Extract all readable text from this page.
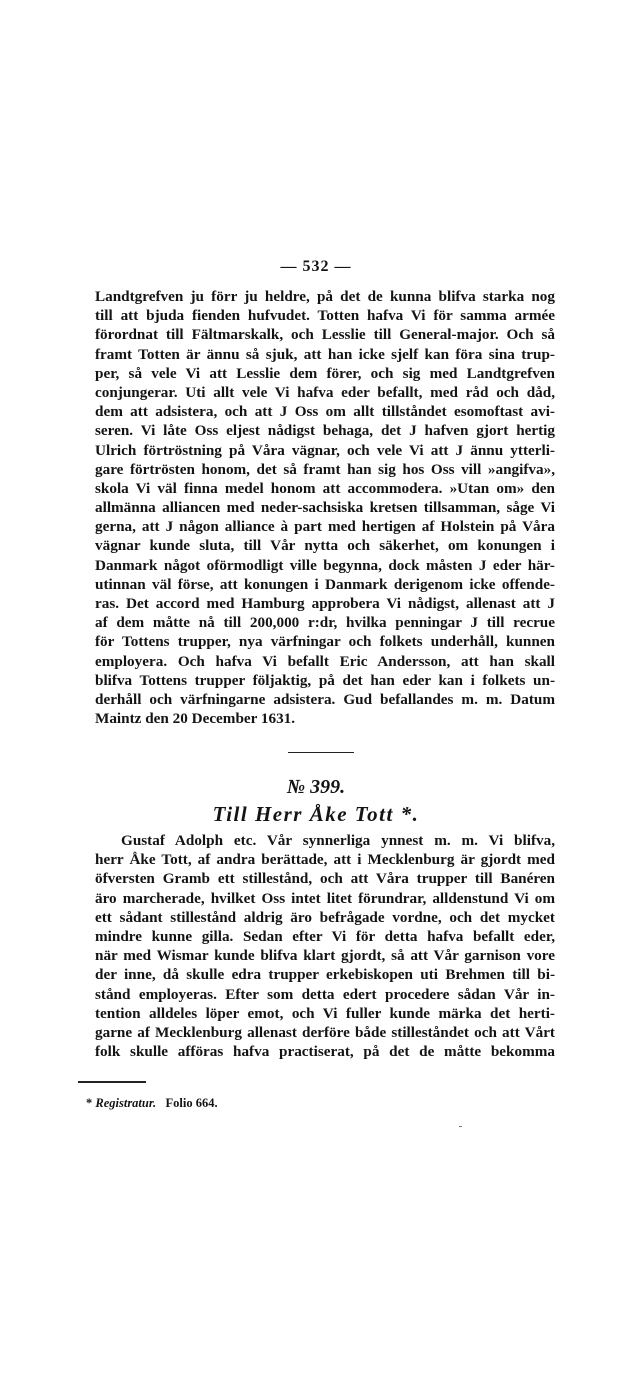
— 532 —
Landtgrefven ju förr ju heldre, på det de kunna blifva starka nog
till att bjuda fienden hufvudet. Totten hafva Vi för samma armée
förordnat till Fältmarskalk, och Lesslie till General-major. Och så
framt Totten är ännu så sjuk, att han icke sjelf kan föra sina trup-
per, så vele Vi att Lesslie dem förer, och sig med Landtgrefven
conjungerar. Uti allt vele Vi hafva eder befallt, med råd och dåd,
dem att adsistera, och att J Oss om allt tillståndet esomoftast avi-
seren. Vi låte Oss eljest nådigst behaga, det J hafven gjort hertig
Ulrich förtröstning på Våra vägnar, och vele Vi att J ännu ytterli-
gare förtrösten honom, det så framt han sig hos Oss vill »angifva»,
skola Vi väl finna medel honom att accommodera. »Utan om» den
allmänna alliancen med neder-sachsiska kretsen tillsamman, såge Vi
gerna, att J någon alliance à part med hertigen af Holstein på Våra
vägnar kunde sluta, till Vår nytta och säkerhet, om konungen i
Danmark något oförmodligt ville begynna, dock måsten J eder här-
utinnan väl förse, att konungen i Danmark derigenom icke offende-
ras. Det accord med Hamburg approbera Vi nådigst, allenast att J
af dem måtte nå till 200,000 r:dr, hvilka penningar J till recrue
för Tottens trupper, nya värfningar och folkets underhåll, kunnen
employera. Och hafva Vi befallt Eric Andersson, att han skall
blifva Tottens trupper följaktig, på det han eder kan i folkets un-
derhåll och värfningarne adsistera. Gud befallandes m. m. Datum
Maintz den 20 December 1631.
№ 399.
Till Herr Åke Tott *.
Gustaf Adolph etc. Vår synnerliga ynnest m. m. Vi blifva,
herr Åke Tott, af andra berättade, att i Mecklenburg är gjordt med
öfversten Gramb ett stillestånd, och att Våra trupper till Banéren
äro marcherade, hvilket Oss intet litet förundrar, alldenstund Vi om
ett sådant stillestånd aldrig äro befrågade vordne, och det mycket
mindre kunne gilla. Sedan efter Vi för detta hafva befallt eder,
när med Wismar kunde blifva klart gjordt, så att Vår garnison vore
der inne, då skulle edra trupper erkebiskopen uti Brehmen till bi-
stånd employeras. Efter som detta edert procedere sådan Vår in-
tention alldeles löper emot, och Vi fuller kunde märka det herti-
garne af Mecklenburg allenast derföre både stilleståndet och att Vårt
folk skulle afföras hafva practiserat, på det de måtte bekomma
* Registratur. Folio 664.
